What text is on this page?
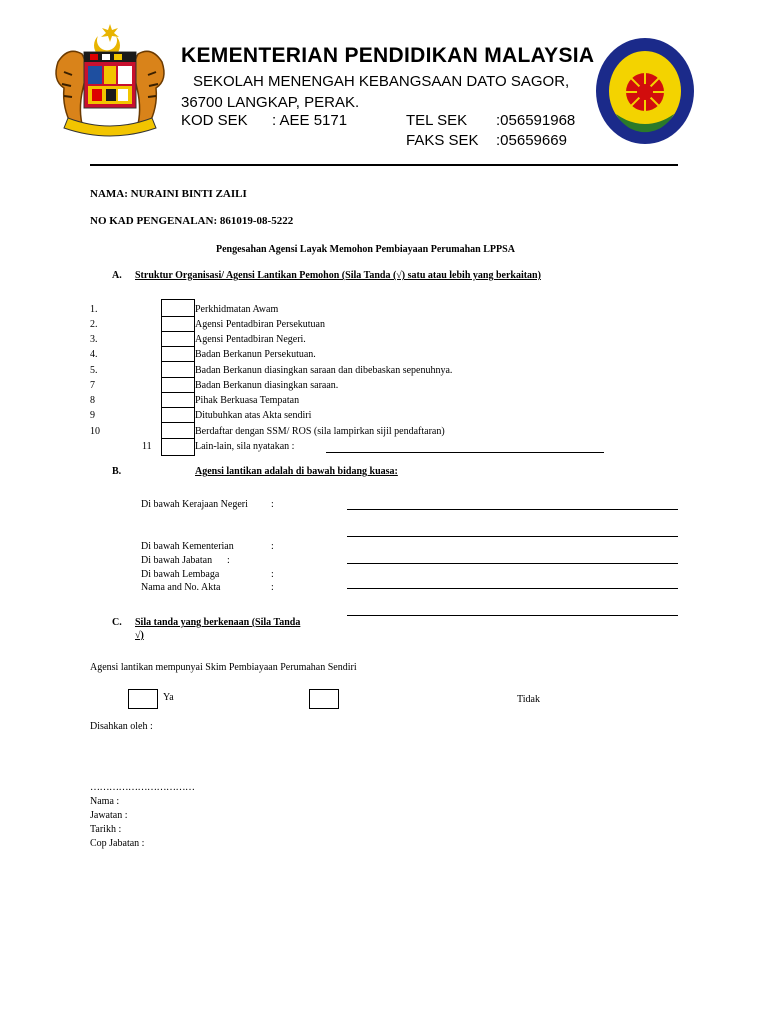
KEMENTERIAN PENDIDIKAN MALAYSIA
SEKOLAH MENENGAH KEBANGSAAN DATO SAGOR,
36700 LANGKAP, PERAK.
KOD SEK : AEE 5171	TEL SEK :056591968
FAKS SEK :05659669
NAMA: NURAINI BINTI ZAILI
NO KAD PENGENALAN: 861019-08-5222
Pengesahan Agensi Layak Memohon Pembiayaan Perumahan LPPSA
A. Struktur Organisasi/ Agensi Lantikan Pemohon (Sila Tanda (√) satu atau lebih yang berkaitan)
1.	Perkhidmatan Awam
2.	Agensi Pentadbiran Persekutuan
3.	Agensi Pentadbiran Negeri.
4.	Badan Berkanun Persekutuan.
5.	Badan Berkanun diasingkan saraan dan dibebaskan sepenuhnya.
7	Badan Berkanun diasingkan saraan.
8	Pihak Berkuasa Tempatan
9	Ditubuhkan atas Akta sendiri
10	Berdaftar dengan SSM/ ROS (sila lampirkan sijil pendaftaran)
11	Lain-lain, sila nyatakan :
B.	Agensi lantikan adalah di bawah bidang kuasa:
Di bawah Kerajaan Negeri :
Di bawah Kementerian	:
Di bawah Jabatan :
Di bawah Lembaga	:
Nama and No. Akta	:
C. Sila tanda yang berkenaan (Sila Tanda
√)
Agensi lantikan mempunyai Skim Pembiayaan Perumahan Sendiri
Ya	Tidak
Disahkan oleh :
……………………………
Nama :
Jawatan :
Tarikh :
Cop Jabatan :
